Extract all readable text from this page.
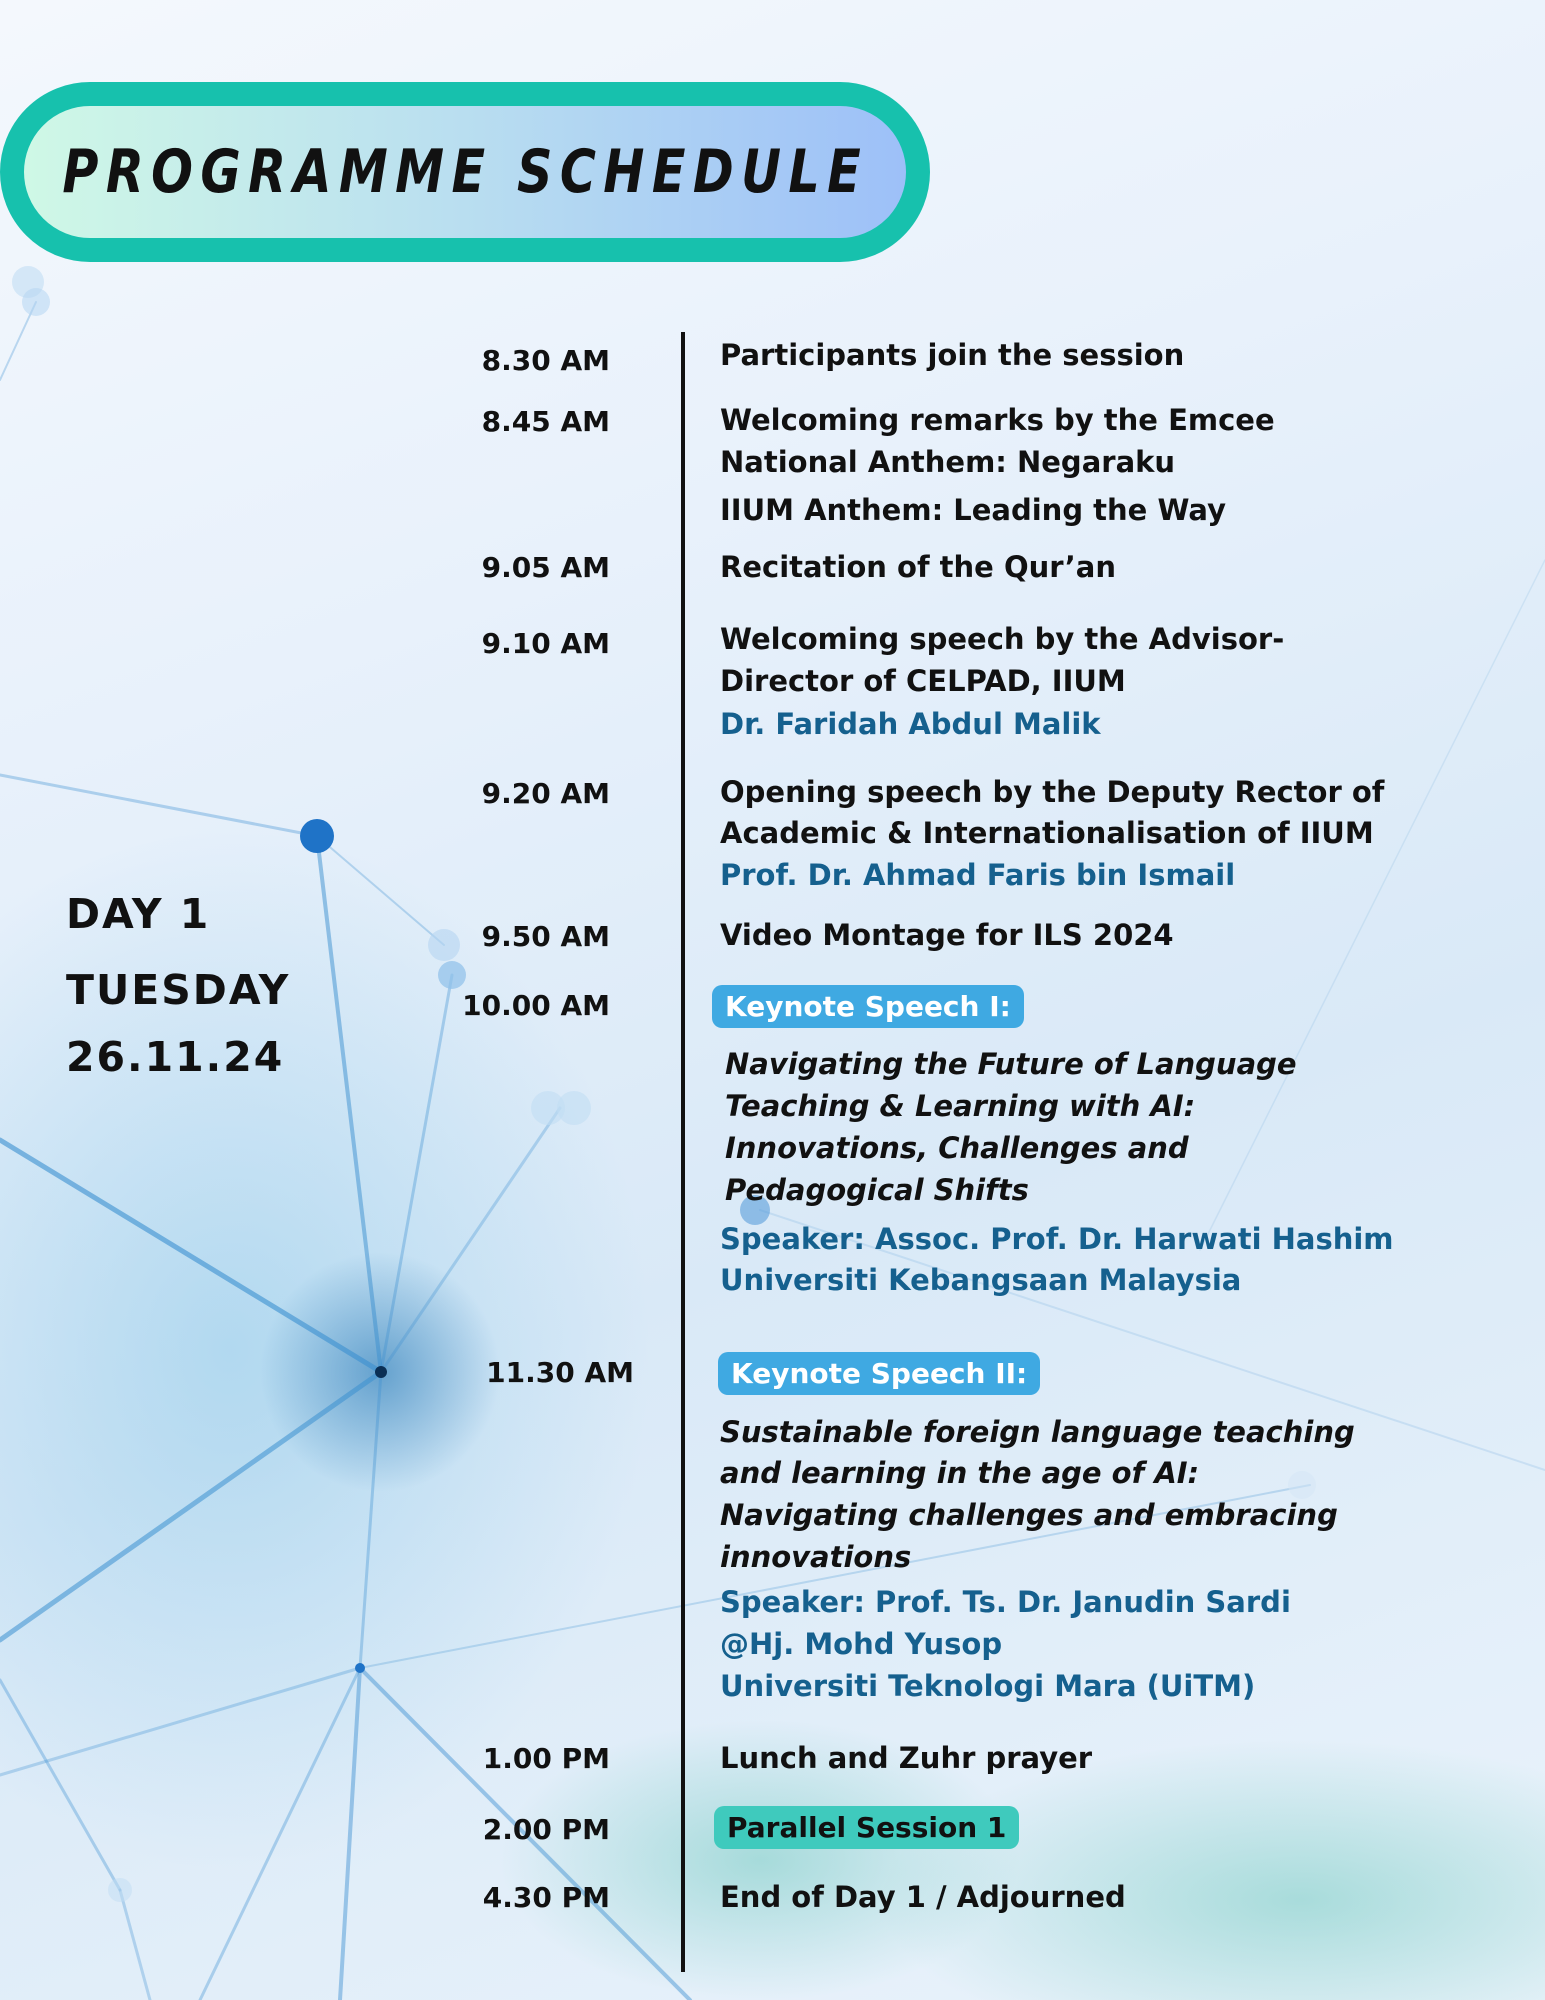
PROGRAMME SCHEDULE
DAY 1
TUESDAY
26.11.24
8.30 AM	Participants join the session
8.45 AM	Welcoming remarks by the Emcee
National Anthem: Negaraku
IIUM Anthem: Leading the Way
9.05 AM	Recitation of the Qur’an
9.10 AM	Welcoming speech by the Advisor-
Director of CELPAD, IIUM
Dr. Faridah Abdul Malik
9.20 AM	Opening speech by the Deputy Rector of
Academic & Internationalisation of IIUM
Prof. Dr. Ahmad Faris bin Ismail
9.50 AM	Video Montage for ILS 2024
10.00 AM	Keynote Speech I:
Navigating the Future of Language
Teaching & Learning with AI:
Innovations, Challenges and
Pedagogical Shifts
Speaker: Assoc. Prof. Dr. Harwati Hashim
Universiti Kebangsaan Malaysia
11.30 AM	Keynote Speech II:
Sustainable foreign language teaching
and learning in the age of AI:
Navigating challenges and embracing
innovations
Speaker: Prof. Ts. Dr. Janudin Sardi
@Hj. Mohd Yusop
Universiti Teknologi Mara (UiTM)
1.00 PM	Lunch and Zuhr prayer
2.00 PM	Parallel Session 1
4.30 PM	End of Day 1 / Adjourned
